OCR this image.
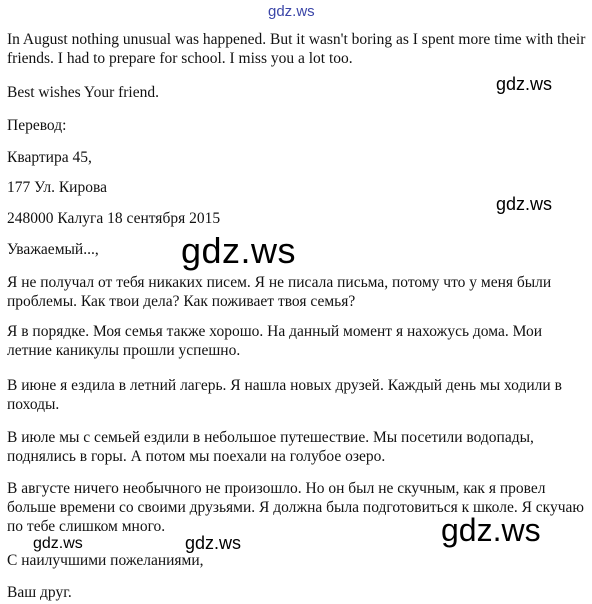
gdz.ws

In August nothing unusual was happened. But it wasn't boring as I spent more time with their friends. I had to prepare for school. I miss you a lot too.

Best wishes Your friend.

Перевод:

Квартира 45,

177 Ул. Кирова

248000 Калуга 18 сентября 2015

Уважаемый...,

Я не получал от тебя никаких писем. Я не писала письма, потому что у меня были проблемы. Как твои дела? Как поживает твоя семья?

Я в порядке. Моя семья также хорошо. На данный момент я нахожусь дома. Мои летние каникулы прошли успешно.

В июне я ездила в летний лагерь. Я нашла новых друзей. Каждый день мы ходили в походы.

В июле мы с семьей ездили в небольшое путешествие. Мы посетили водопады, поднялись в горы. А потом мы поехали на голубое озеро.

В августе ничего необычного не произошло. Но он был не скучным, как я провел больше времени со своими друзьями. Я должна была подготовиться к школе. Я скучаю по тебе слишком много.

С наилучшими пожеланиями,

Ваш друг.

gdz.ws
gdz.ws
gdz.ws
gdz.ws
gdz.ws	gdz.ws
